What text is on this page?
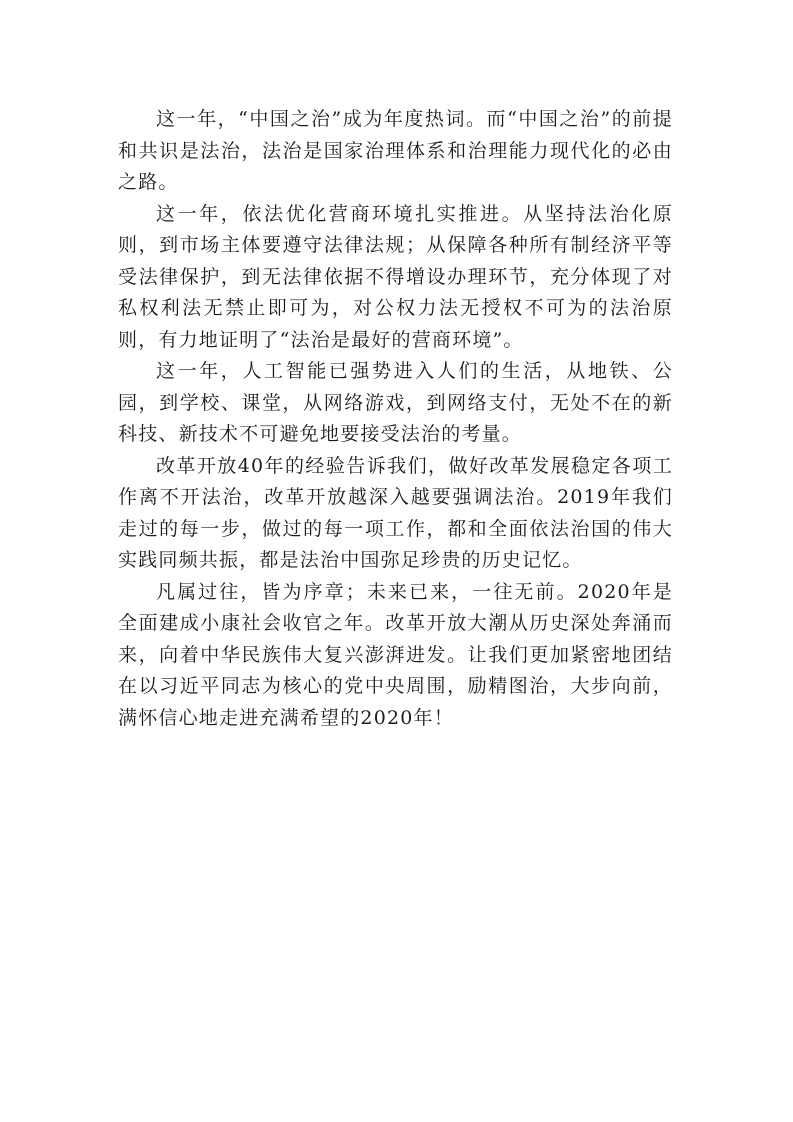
这一年，“中国之治”成为年度热词。而“中国之治”的前提和共识是法治，法治是国家治理体系和治理能力现代化的必由之路。

这一年，依法优化营商环境扎实推进。从坚持法治化原则，到市场主体要遵守法律法规；从保障各种所有制经济平等受法律保护，到无法律依据不得增设办理环节，充分体现了对私权利法无禁止即可为，对公权力法无授权不可为的法治原则，有力地证明了“法治是最好的营商环境”。

这一年，人工智能已强势进入人们的生活，从地铁、公园，到学校、课堂，从网络游戏，到网络支付，无处不在的新科技、新技术不可避免地要接受法治的考量。

改革开放40年的经验告诉我们，做好改革发展稳定各项工作离不开法治，改革开放越深入越要强调法治。2019年我们走过的每一步，做过的每一项工作，都和全面依法治国的伟大实践同频共振，都是法治中国弥足珍贵的历史记忆。

凡属过往，皆为序章；未来已来，一往无前。2020年是全面建成小康社会收官之年。改革开放大潮从历史深处奔涌而来，向着中华民族伟大复兴澎湃进发。让我们更加紧密地团结在以习近平同志为核心的党中央周围，励精图治，大步向前，满怀信心地走进充满希望的2020年！
